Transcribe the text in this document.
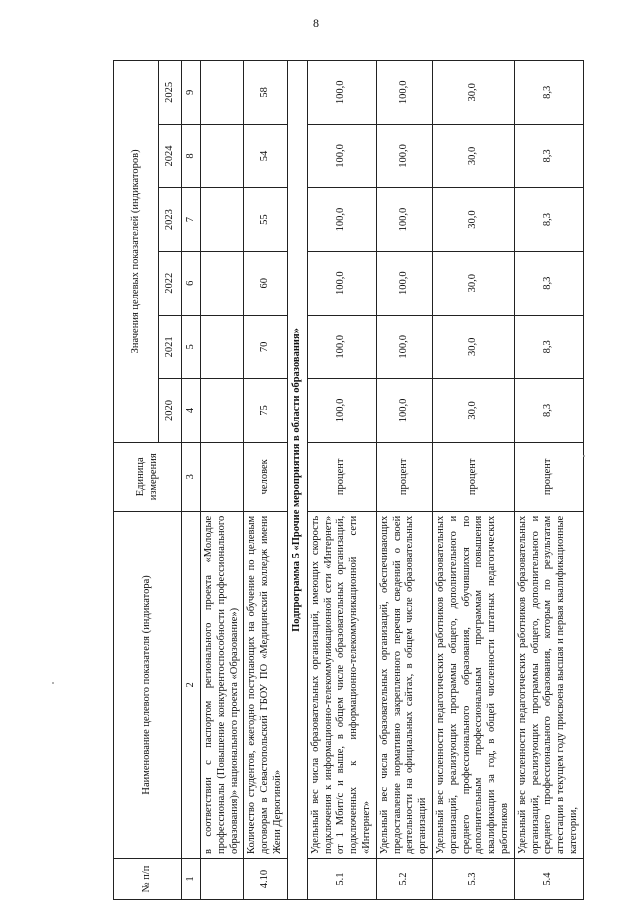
8
№ п/п	Наименование целевого показателя (индикатора)	Единица измерения	Значения целевых показателей (индикаторов)					
			2020	2021	2022	2023	2024	2025
1	2	3	4	5	6	7	8	9
	в соответствии с паспортом регионального проекта «Молодые профессионалы (Повышение конкурентоспособности профессионального образования)» национального проекта «Образование»)							
4.10	Количество студентов, ежегодно поступающих на обучение по целевым договорам в Севастопольский ГБОУ ПО «Медицинский колледж имени Жени Дерюгиной»	человек	75	70	60	55	54	58
Подпрограмма 5 «Прочие мероприятия в области образования»								
5.1	Удельный вес числа образовательных организаций, имеющих скорость подключения к информационно-телекоммуникационной сети «Интернет» от 1 Мбит/с и выше, в общем числе образовательных организаций, подключенных к информационно-телекоммуникационной сети «Интернет»	процент	100,0	100,0	100,0	100,0	100,0	100,0
5.2	Удельный вес числа образовательных организаций, обеспечивающих предоставление нормативно закрепленного перечня сведений о своей деятельности на официальных сайтах, в общем числе образовательных организаций	процент	100,0	100,0	100,0	100,0	100,0	100,0
5.3	Удельный вес численности педагогических работников образовательных организаций, реализующих программы общего, дополнительного и среднего профессионального образования, обучившихся по дополнительным профессиональным программам повышения квалификации за год, в общей численности штатных педагогических работников	процент	30,0	30,0	30,0	30,0	30,0	30,0
5.4	Удельный вес численности педагогических работников образовательных организаций, реализующих программы общего, дополнительного и среднего профессионального образования, которым по результатам аттестации в текущем году присвоена высшая и первая квалификационные категории,	процент	8,3	8,3	8,3	8,3	8,3	8,3
